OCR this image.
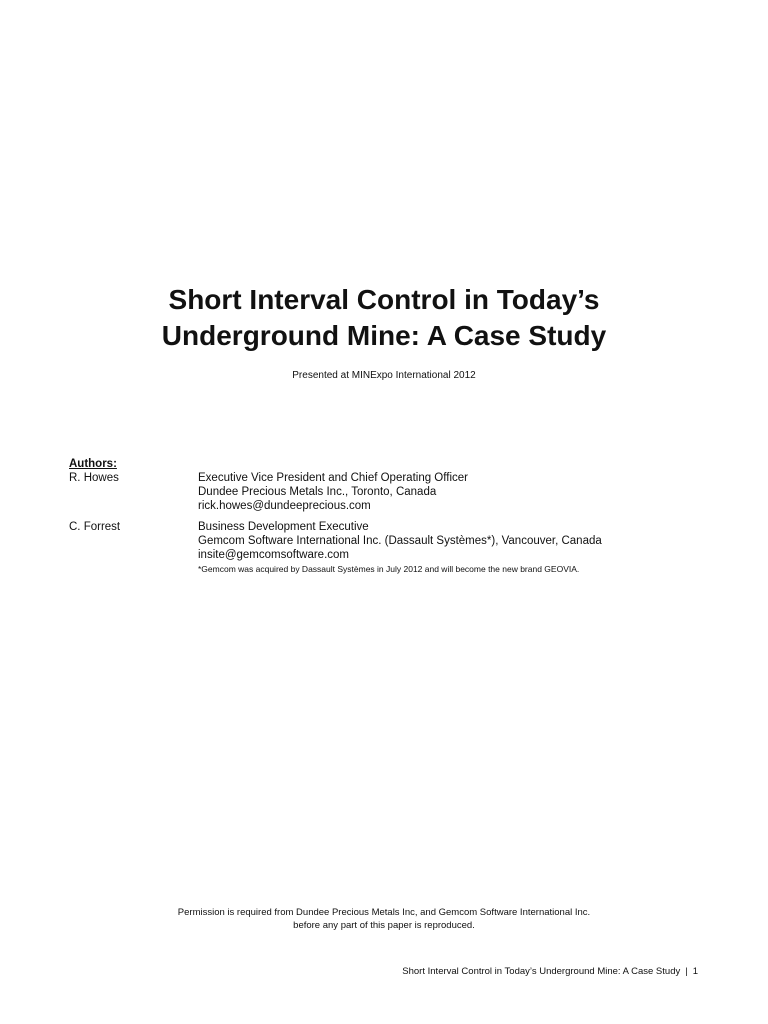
Short Interval Control in Today’s
Underground Mine: A Case Study
Presented at MINExpo International 2012
Authors:
R. Howes	Executive Vice President and Chief Operating Officer
Dundee Precious Metals Inc., Toronto, Canada
rick.howes@dundeeprecious.com
C. Forrest	Business Development Executive
Gemcom Software International Inc. (Dassault Systèmes*), Vancouver, Canada
insite@gemcomsoftware.com
*Gemcom was acquired by Dassault Systèmes in July 2012 and will become the new brand GEOVIA.
Permission is required from Dundee Precious Metals Inc, and Gemcom Software International Inc.
before any part of this paper is reproduced.
Short Interval Control in Today’s Underground Mine: A Case Study | 1
